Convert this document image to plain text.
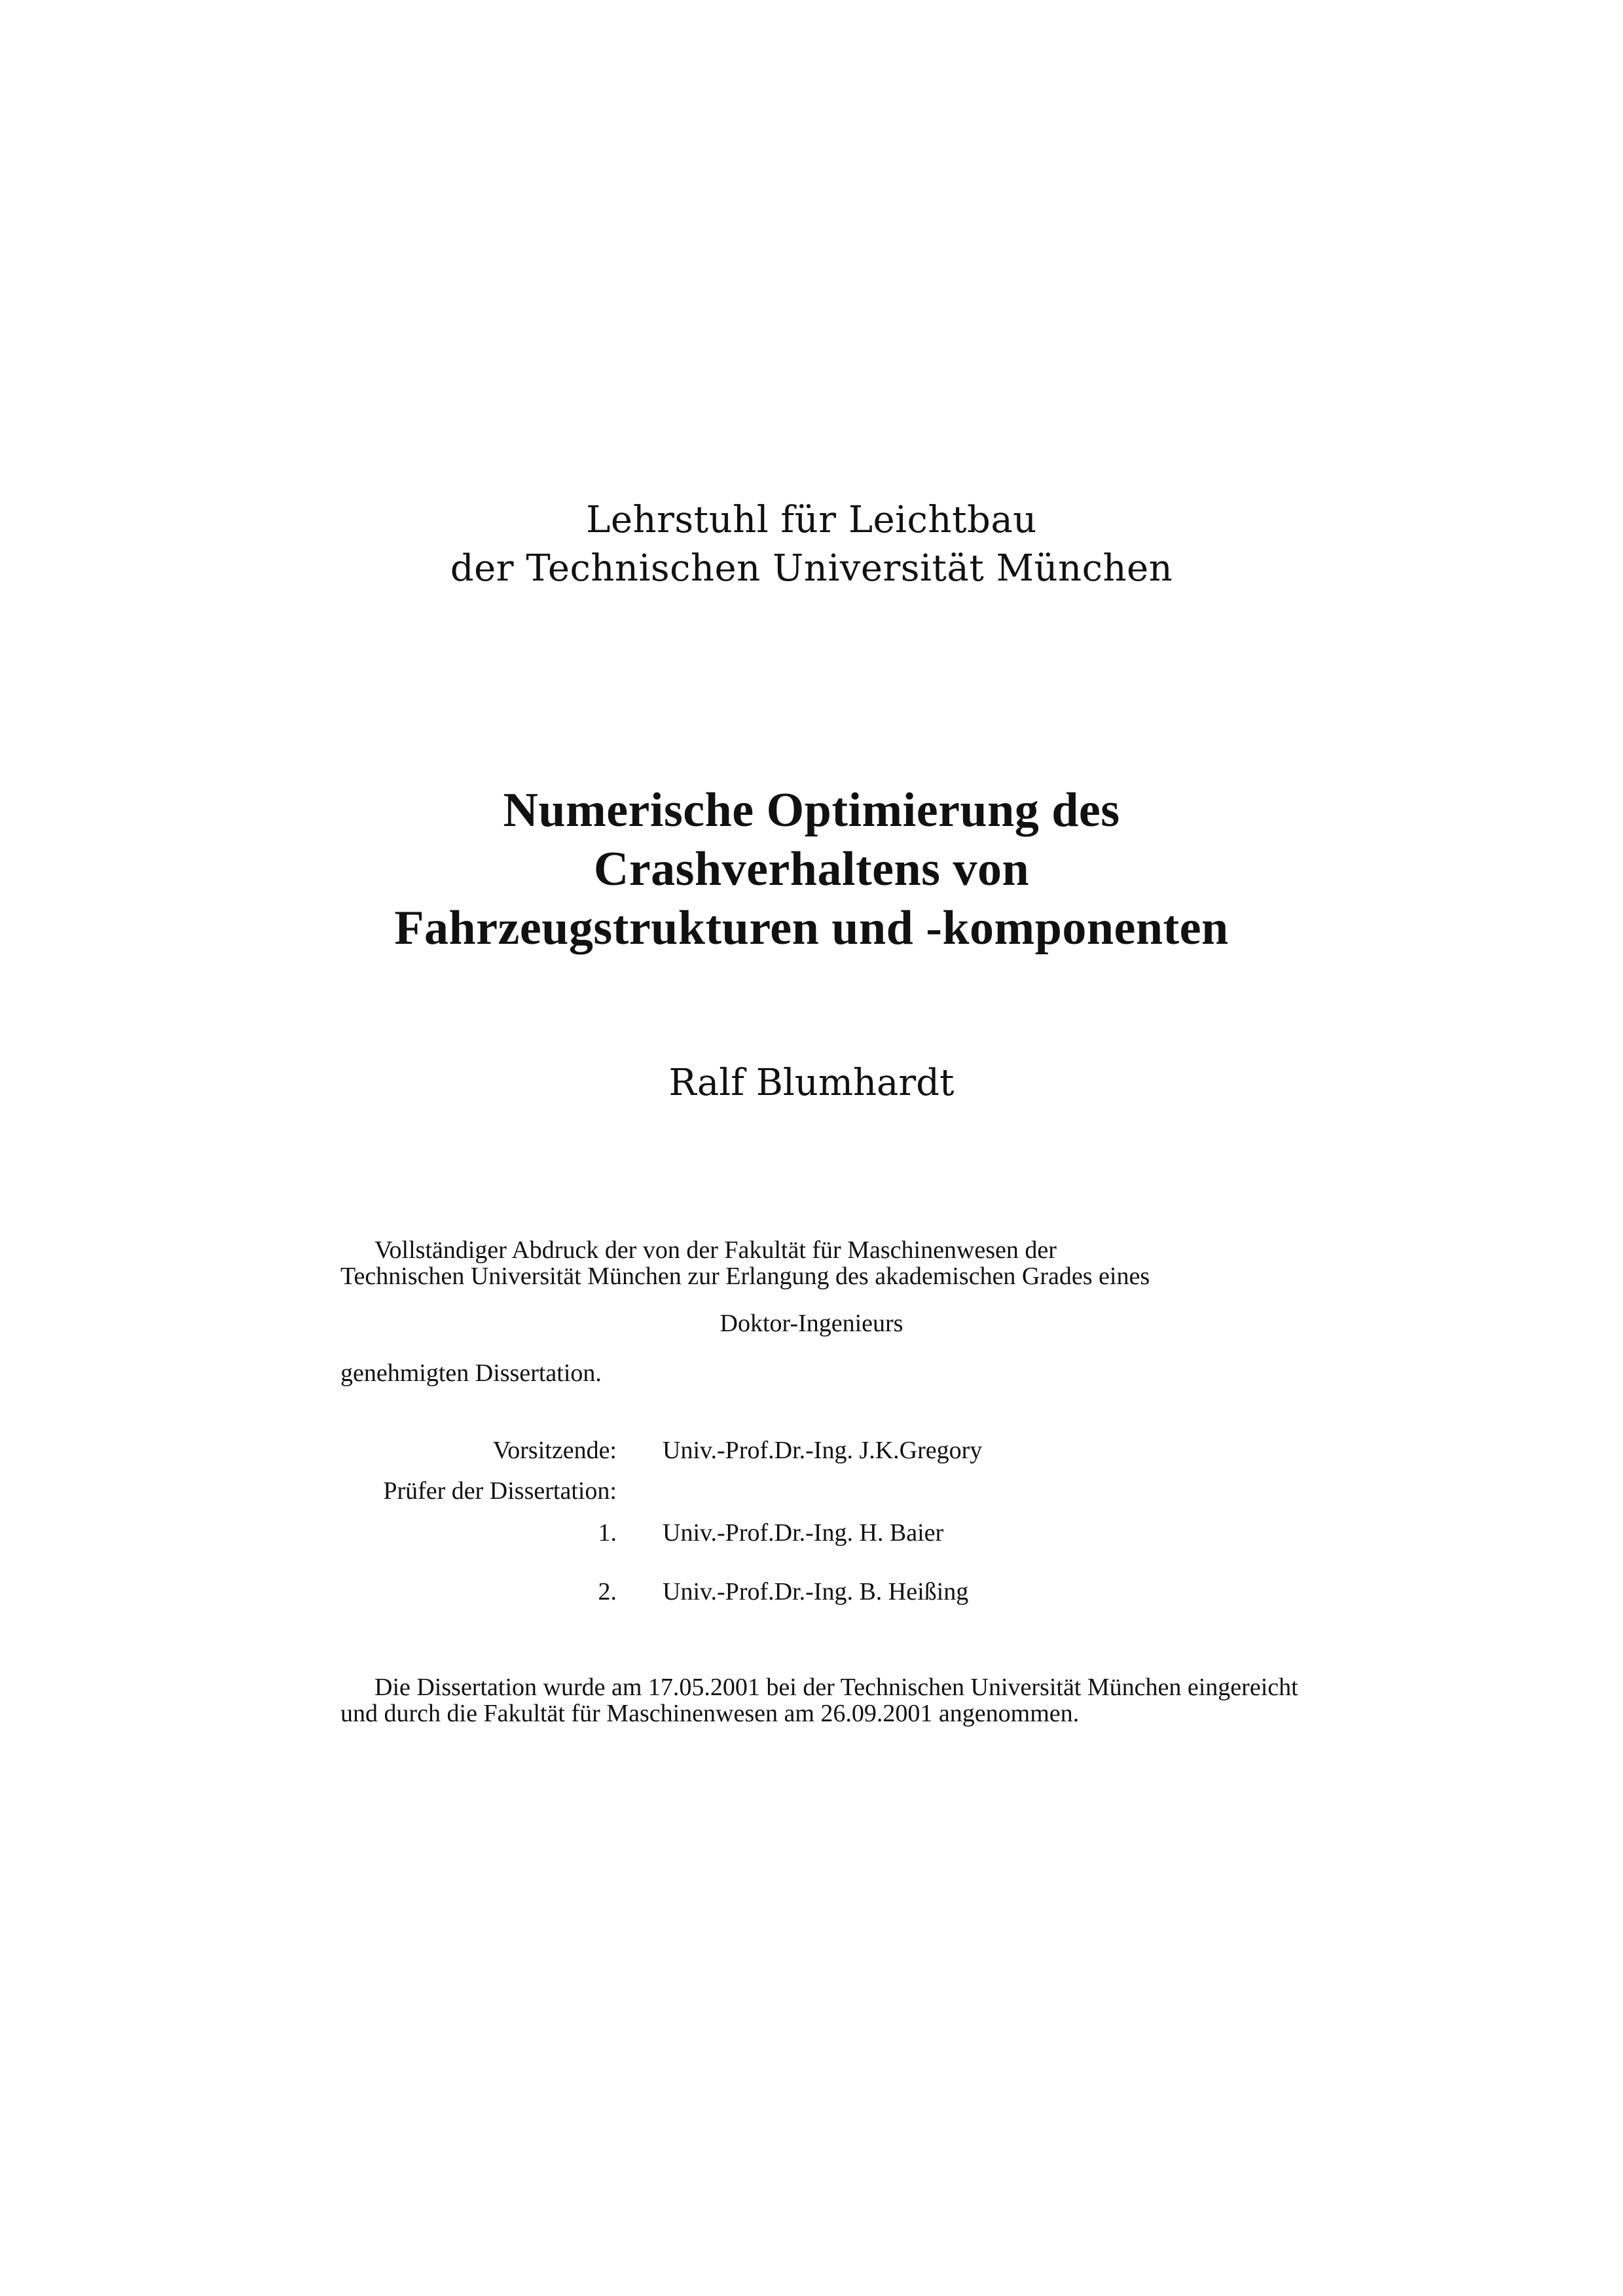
Lehrstuhl für Leichtbau
der Technischen Universität München
Numerische Optimierung des
Crashverhaltens von
Fahrzeugstrukturen und -komponenten
Ralf Blumhardt
Vollständiger Abdruck der von der Fakultät für Maschinenwesen der
Technischen Universität München zur Erlangung des akademischen Grades eines
Doktor-Ingenieurs
genehmigten Dissertation.
Vorsitzende: Univ.-Prof.Dr.-Ing. J.K.Gregory
Prüfer der Dissertation:
1. Univ.-Prof.Dr.-Ing. H. Baier
2. Univ.-Prof.Dr.-Ing. B. Heißing
Die Dissertation wurde am 17.05.2001 bei der Technischen Universität München eingereicht
und durch die Fakultät für Maschinenwesen am 26.09.2001 angenommen.
